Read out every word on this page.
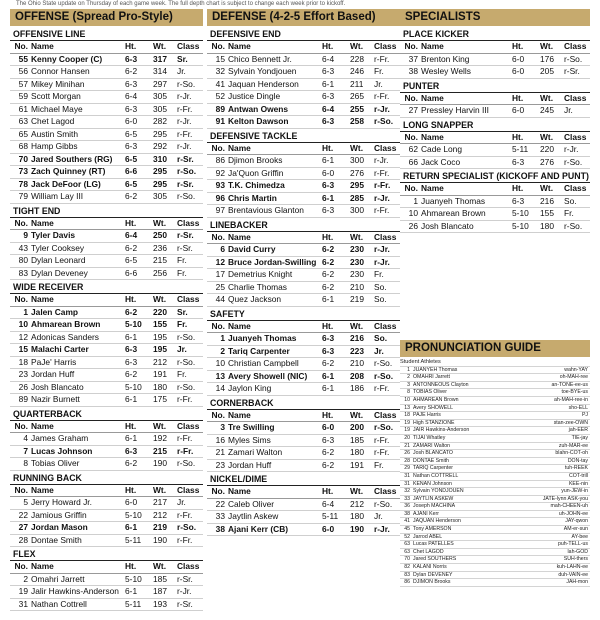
The Ohio State update on Thursday of each game week. The full depth chart is subject to change each week prior to kickoff.
OFFENSE (Spread Pro-Style)
OFFENSIVE LINE
No. Name	Ht.	Wt.	Class
55 Kenny Cooper (C)	6-3	317	Sr.
56 Connor Hansen	6-2	314	Jr.
57 Mikey Minihan	6-3	297	r-So.
59 Scott Morgan	6-4	305	r-Jr.
61 Michael Maye	6-3	305	r-Fr.
63 Chet Lagod	6-0	282	r-Jr.
65 Austin Smith	6-5	295	r-Fr.
68 Hamp Gibbs	6-3	292	r-Jr.
70 Jared Southers (RG)	6-5	310	r-Sr.
73 Zach Quinney (RT)	6-6	295	r-So.
78 Jack DeFoor (LG)	6-5	295	r-Sr.
79 William Lay III	6-2	305	r-So.
TIGHT END
No. Name	Ht.	Wt.	Class
9 Tyler Davis	6-4	250	r-Sr.
43 Tyler Cooksey	6-2	236	r-Sr.
80 Dylan Leonard	6-5	215	Fr.
83 Dylan Deveney	6-6	256	Fr.
WIDE RECEIVER
No. Name	Ht.	Wt.	Class
1 Jalen Camp	6-2	220	Sr.
10 Ahmarean Brown	5-10	155	Fr.
12 Adonicas Sanders	6-1	195	r-So.
15 Malachi Carter	6-3	195	Jr.
18 PaJe' Harris	6-3	212	r-So.
23 Jordan Huff	6-2	191	Fr.
26 Josh Blancato	5-10	180	r-So.
89 Nazir Burnett	6-1	175	r-Fr.
QUARTERBACK
No. Name	Ht.	Wt.	Class
4 James Graham	6-1	192	r-Fr.
7 Lucas Johnson	6-3	215	r-Fr.
8 Tobias Oliver	6-2	190	r-So.
RUNNING BACK
No. Name	Ht.	Wt.	Class
5 Jerry Howard Jr.	6-0	217	Jr.
22 Jamious Griffin	5-10	212	r-Fr.
27 Jordan Mason	6-1	219	r-So.
28 Dontae Smith	5-11	190	r-Fr.
FLEX
No. Name	Ht.	Wt.	Class
2 Omahri Jarrett	5-10	185	r-Sr.
19 Jalir Hawkins-Anderson 6-1	187	r-Jr.
31 Nathan Cottrell	5-11	193	r-Sr.
DEFENSE (4-2-5 Effort Based)
DEFENSIVE END
No. Name	Ht.	Wt.	Class
15 Chico Bennett Jr.	6-4	228	r-Fr.
32 Sylvain Yondjouen	6-3	246	Fr.
41 Jaquan Henderson	6-1	211	Jr.
52 Justice Dingle	6-3	265	r-Fr.
89 Antwan Owens	6-4	255	r-Jr.
91 Kelton Dawson	6-3	258	r-So.
DEFENSIVE TACKLE
No. Name	Ht.	Wt.	Class
86 Djimon Brooks	6-1	300	r-Jr.
92 Ja'Quon Griffin	6-0	276	r-Fr.
93 T.K. Chimedza	6-3	295	r-Fr.
96 Chris Martin	6-1	285	r-Jr.
97 Brentavious Glanton	6-3	300	r-Fr.
LINEBACKER
No. Name	Ht.	Wt.	Class
6 David Curry	6-2	230	r-Jr.
12 Bruce Jordan-Swilling 6-2	230	r-Jr.
17 Demetrius Knight	6-2	230	Fr.
25 Charlie Thomas	6-2	210	So.
44 Quez Jackson	6-1	219	So.
SAFETY
No. Name	Ht.	Wt.	Class
1 Juanyeh Thomas	6-3	216	So.
2 Tariq Carpenter	6-3	223	Jr.
10 Christian Campbell	6-2	210	r-So.
13 Avery Showell (NIC)	6-1	208	r-So.
14 Jaylon King	6-1	186	r-Fr.
CORNERBACK
No. Name	Ht.	Wt.	Class
3 Tre Swilling	6-0	200	r-So.
16 Myles Sims	6-3	185	r-Fr.
21 Zamari Walton	6-2	180	r-Fr.
23 Jordan Huff	6-2	191	Fr.
NICKEL/DIME
No. Name	Ht.	Wt.	Class
22 Caleb Oliver	6-4	212	r-So.
33 Jaytlin Askew	5-11	180	Jr.
38 Ajani Kerr (CB)	6-0	190	r-Jr.
SPECIALISTS
PLACE KICKER
No. Name	Ht.	Wt.	Class
37 Brenton King	6-0	176	r-So.
38 Wesley Wells	6-0	205	r-Sr.
PUNTER
No. Name	Ht.	Wt.	Class
27 Pressley Harvin III	6-0	245	Jr.
LONG SNAPPER
No. Name	Ht.	Wt.	Class
62 Cade Long	5-11	220	r-Jr.
66 Jack Coco	6-3	276	r-So.
RETURN SPECIALIST (KICKOFF AND PUNT)
No. Name	Ht.	Wt.	Class
1 Juanyeh Thomas	6-3	216	So.
10 Ahmarean Brown	5-10	155	Fr.
26 Josh Blancato	5-10	180	r-So.
PRONUNCIATION GUIDE
Student Athletes
1 JUANYEH Thomas	wahn-YAY
2 OMAHRI Jarrett	oh-MAH-ree
3 ANTONNEOUS Clayton	an-TONE-ee-us
8 TOBIAS Oliver	toe-BYE-us
10 AHMAREAN Brown	ah-MAH-ree-in
13 Avery SHOWELL	sho-ELL
18 PAJE Harris	PJ
19 High STANZIONE	stan-zee-OWN
19 JAIR Hawkins-Anderson	jah-EER
20 TIJAI Whatley	TIE-jay
21 ZAMARI Walton	zuh-MAR-ee
26 Josh BLANCATO	blahn-COT-oh
28 DONTAE Smith	DON-tay
29 TARIQ Carpenter	tuh-REEK
31 Nathan COTTRELL	COT-trill
31 KENAN Johnson	KEE-nin
32 Sylvain YONDJOUEN	yun-JEW-in
33 JAYTLIN ASKEW	JATE-lynn ASK-you
36 Joseph MACHINA	mah-CHEEN-uh
38 AJANI Kerr	uh-JOHN-ee
41 JAQUAN Henderson	JAY-qwon
45 Tony AMERSON	AM-er-sun
52 Jarrod ABEL	AY-bee
63 Lucas PATELLES	puh-TELL-us
63 Chet LAGOD	lah-GOD
70 Jared SOUTHERS	SUH-thers
82 KALANI Norris	kuh-LAHN-ee
83 Dylan DEVENEY	duh-VAIN-ee
86 DJIMON Brooks	JAH-mon
